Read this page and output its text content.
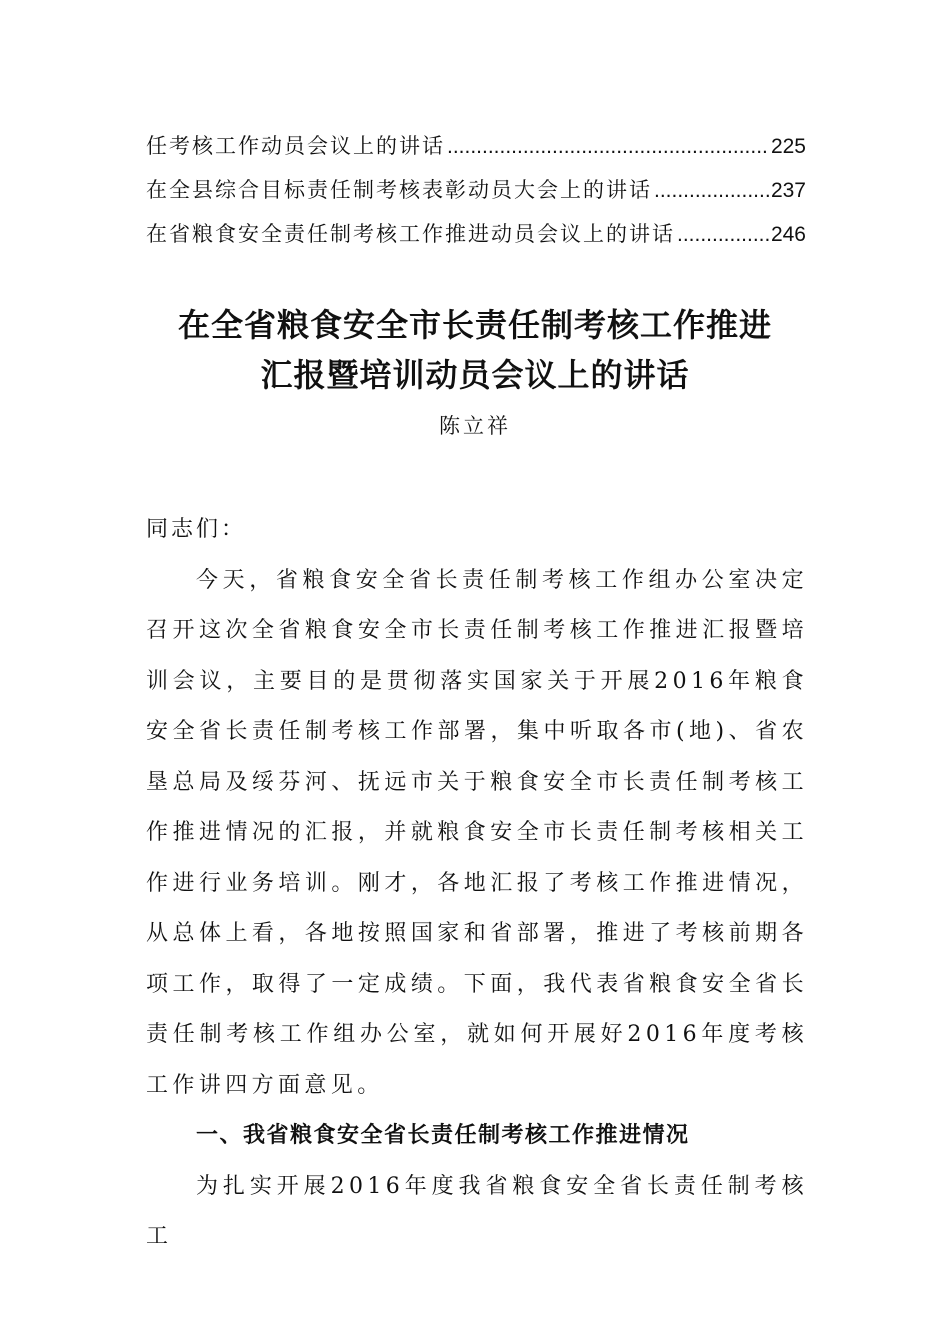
任考核工作动员会议上的讲话 .....	225
在全县综合目标责任制考核表彰动员大会上的讲话 .....	237
在省粮食安全责任制考核工作推进动员会议上的讲话 .....	246
在全省粮食安全市长责任制考核工作推进
汇报暨培训动员会议上的讲话
陈立祥

同志们：

今天，省粮食安全省长责任制考核工作组办公室决定召开这次全省粮食安全市长责任制考核工作推进汇报暨培训会议，主要目的是贯彻落实国家关于开展2016年粮食安全省长责任制考核工作部署，集中听取各市(地)、省农垦总局及绥芬河、抚远市关于粮食安全市长责任制考核工作推进情况的汇报，并就粮食安全市长责任制考核相关工作进行业务培训。刚才，各地汇报了考核工作推进情况，从总体上看，各地按照国家和省部署，推进了考核前期各项工作，取得了一定成绩。下面，我代表省粮食安全省长责任制考核工作组办公室，就如何开展好2016年度考核工作讲四方面意见。

一、我省粮食安全省长责任制考核工作推进情况

为扎实开展2016年度我省粮食安全省长责任制考核工
